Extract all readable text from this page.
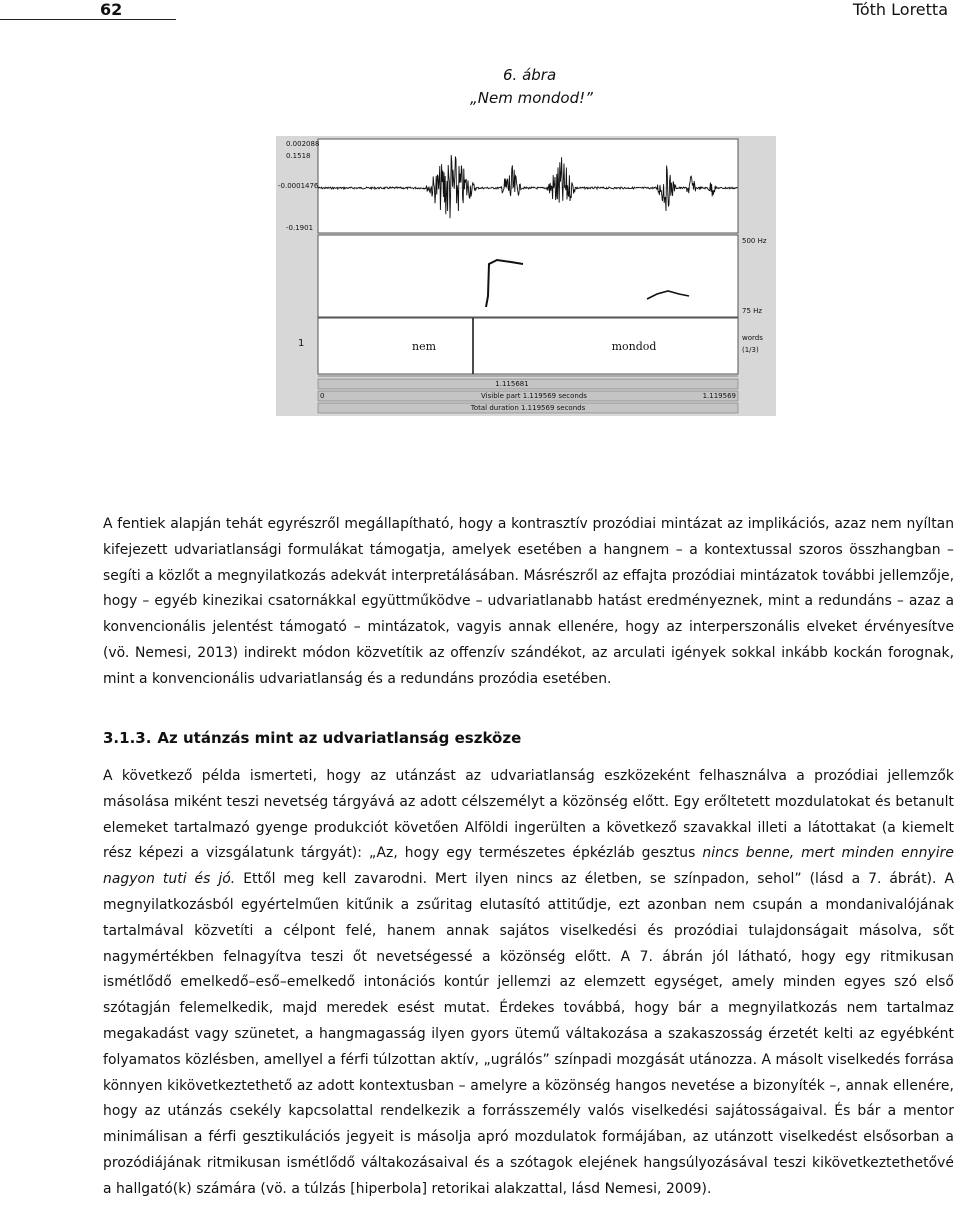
62	Tóth Loretta
6. ábra
„Nem mondod!”
0.002088
0.1518
-0.0001476
-0.1901
500 Hz
75 Hz
words
(1/3)
1
1.115681
0	Visible part 1.119569 seconds	1.119569
Total duration 1.119569 seconds
nem	mondod

A fentiek alapján tehát egyrészről megállapítható, hogy a kontrasztív prozódiai mintázat az implikációs, azaz nem nyíltan kifejezett udvariatlansági formulákat támogatja, amelyek esetében a hangnem – a kontextussal szoros összhangban – segíti a közlőt a megnyilatkozás adekvát interpretálásában. Másrészről az effajta prozódiai mintázatok további jellemzője, hogy – egyéb kinezikai csatornákkal együttműködve – udvariatlanabb hatást eredményeznek, mint a redundáns – azaz a konvencionális jelentést támogató – mintázatok, vagyis annak ellenére, hogy az interperszonális elveket érvényesítve (vö. Nemesi, 2013) indirekt módon közvetítik az offenzív szándékot, az arculati igények sokkal inkább kockán forognak, mint a konvencionális udvariatlanság és a redundáns prozódia esetében.

3.1.3. Az utánzás mint az udvariatlanság eszköze

A következő példa ismerteti, hogy az utánzást az udvariatlanság eszközeként felhasználva a prozódiai jellemzők másolása miként teszi nevetség tárgyává az adott célszemélyt a közönség előtt. Egy erőltetett mozdulatokat és betanult elemeket tartalmazó gyenge produkciót követően Alföldi ingerülten a következő szavakkal illeti a látottakat (a kiemelt rész képezi a vizsgálatunk tárgyát): „Az, hogy egy természetes épkézláb gesztus nincs benne, mert minden ennyire nagyon tuti és jó. Ettől meg kell zavarodni. Mert ilyen nincs az életben, se színpadon, sehol” (lásd a 7. ábrát). A megnyilatkozásból egyértelműen kitűnik a zsűritag elutasító attitűdje, ezt azonban nem csupán a mondanivalójának tartalmával közvetíti a célpont felé, hanem annak sajátos viselkedési és prozódiai tulajdonságait másolva, sőt nagymértékben felnagyítva teszi őt nevetségessé a közönség előtt. A 7. ábrán jól látható, hogy egy ritmikusan ismétlődő emelkedő–eső–emelkedő intonációs kontúr jellemzi az elemzett egységet, amely minden egyes szó első szótagján felemelkedik, majd meredek esést mutat. Érdekes továbbá, hogy bár a megnyilatkozás nem tartalmaz megakadást vagy szünetet, a hangmagasság ilyen gyors ütemű váltakozása a szakaszosság érzetét kelti az egyébként folyamatos közlésben, amellyel a férfi túlzottan aktív, „ugrálós” színpadi mozgását utánozza. A másolt viselkedés forrása könnyen kikövetkeztethető az adott kontextusban – amelyre a közönség hangos nevetése a bizonyíték –, annak ellenére, hogy az utánzás csekély kapcsolattal rendelkezik a forrásszemély valós viselkedési sajátosságaival. És bár a mentor minimálisan a férfi gesztikulációs jegyeit is másolja apró mozdulatok formájában, az utánzott viselkedést elsősorban a prozódiájának ritmikusan ismétlődő váltakozásaival és a szótagok elejének hangsúlyozásával teszi kikövetkeztethetővé a hallgató(k) számára (vö. a túlzás [hiperbola] retorikai alakzattal, lásd Nemesi, 2009).
